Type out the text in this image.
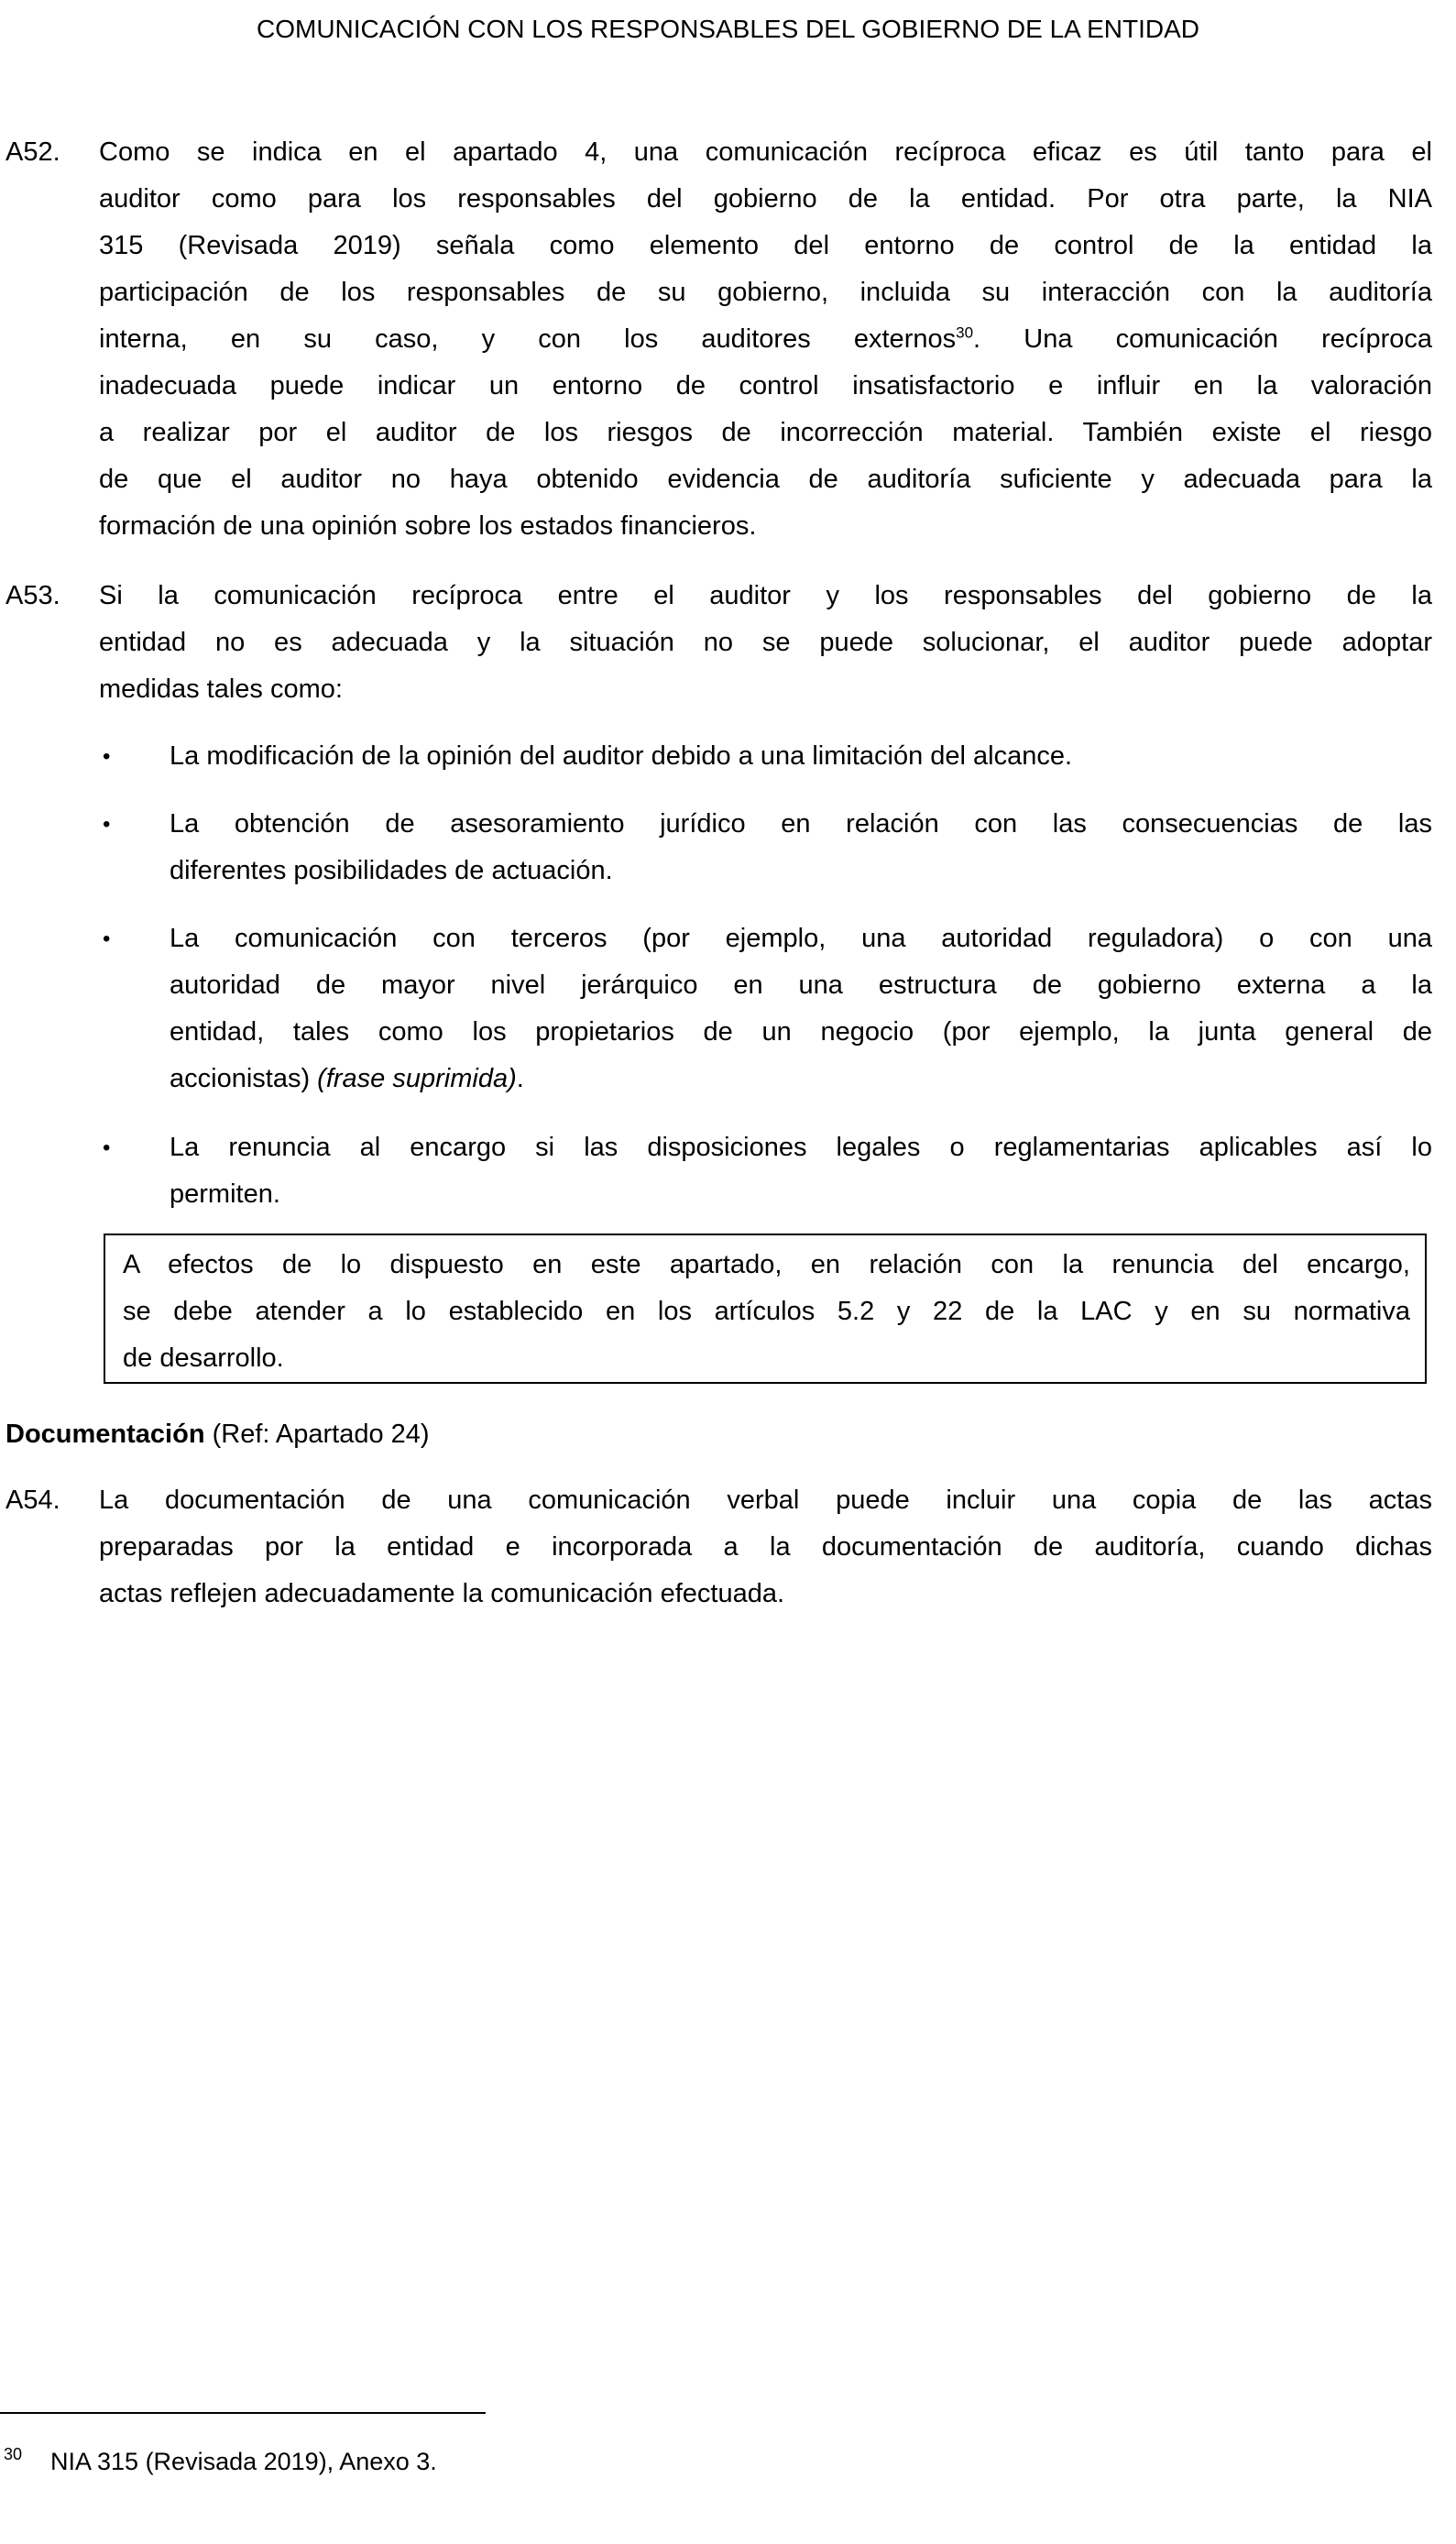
COMUNICACIÓN CON LOS RESPONSABLES DEL GOBIERNO DE LA ENTIDAD
A52. Como se indica en el apartado 4, una comunicación recíproca eficaz es útil tanto para el
auditor como para los responsables del gobierno de la entidad. Por otra parte, la NIA
315 (Revisada 2019) señala como elemento del entorno de control de la entidad la
participación de los responsables de su gobierno, incluida su interacción con la auditoría
interna, en su caso, y con los auditores externos$^{30}$. Una comunicación recíproca
inadecuada puede indicar un entorno de control insatisfactorio e influir en la valoración
a realizar por el auditor de los riesgos de incorrección material. También existe el riesgo
de que el auditor no haya obtenido evidencia de auditoría suficiente y adecuada para la
formación de una opinión sobre los estados financieros.
A53. Si la comunicación recíproca entre el auditor y los responsables del gobierno de la
entidad no es adecuada y la situación no se puede solucionar, el auditor puede adoptar
medidas tales como:
• La modificación de la opinión del auditor debido a una limitación del alcance.
• La obtención de asesoramiento jurídico en relación con las consecuencias de las
diferentes posibilidades de actuación.
• La comunicación con terceros (por ejemplo, una autoridad reguladora) o con una
autoridad de mayor nivel jerárquico en una estructura de gobierno externa a la
entidad, tales como los propietarios de un negocio (por ejemplo, la junta general de
accionistas) (frase suprimida).
• La renuncia al encargo si las disposiciones legales o reglamentarias aplicables así lo
permiten.
A efectos de lo dispuesto en este apartado, en relación con la renuncia del encargo,
se debe atender a lo establecido en los artículos 5.2 y 22 de la LAC y en su normativa
de desarrollo.
Documentación (Ref: Apartado 24)
A54. La documentación de una comunicación verbal puede incluir una copia de las actas
preparadas por la entidad e incorporada a la documentación de auditoría, cuando dichas
actas reflejen adecuadamente la comunicación efectuada.
30 NIA 315 (Revisada 2019), Anexo 3.
